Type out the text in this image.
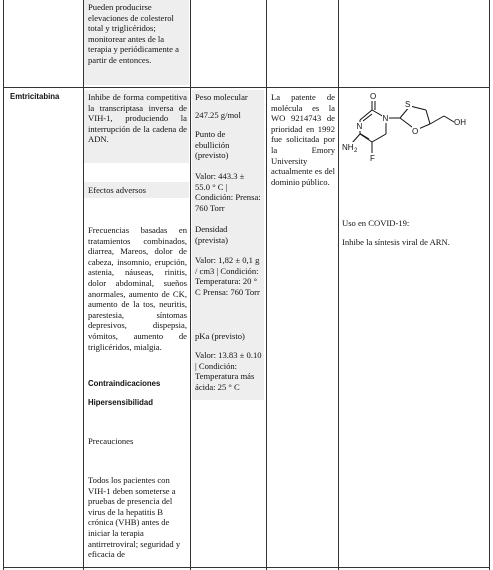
Pueden producirse elevaciones de colesterol total y triglicéridos; monitorear antes de la terapia y periódicamente a partir de entonces.

Emtricitabina	Inhibe de forma competitiva la transcriptasa inversa de VIH-1, produciendo la interrupción de la cadena de ADN.

Efectos adversos

Frecuencias basadas en tratamientos combinados, diarrea, Mareos, dolor de cabeza, insomnio, erupción, astenia, náuseas, rinitis, dolor abdominal, sueños anormales, aumento de CK, aumento de la tos, neuritis, parestesia, síntomas depresivos, dispepsia, vómitos, aumento de triglicéridos, mialgia.

Contraindicaciones

Hipersensibilidad

Precauciones

Todos los pacientes con VIH-1 deben someterse a pruebas de presencia del virus de la hepatitis B crónica (VHB) antes de iniciar la terapia antirretroviral; seguridad y eficacia de

Peso molecular

247.25 g/mol

Punto de ebullición (previsto)

Valor: 443.3 ± 55.0 ° C | Condición: Prensa: 760 Torr

Densidad (prevista)

Valor: 1,82 ± 0,1 g / cm3 | Condición: Temperatura: 20 ° C Prensa: 760 Torr

pKa (previsto)

Valor: 13.83 ± 0.10 | Condición: Temperatura más ácida: 25 ° C

La patente de molécula es la WO 9214743 de prioridad en 1992 fue solicitada por la Emory University actualmente es del dominio público.

O
N
N
NH 2
F
S
O
OH

Uso en COVID-19:

Inhibe la síntesis viral de ARN.
